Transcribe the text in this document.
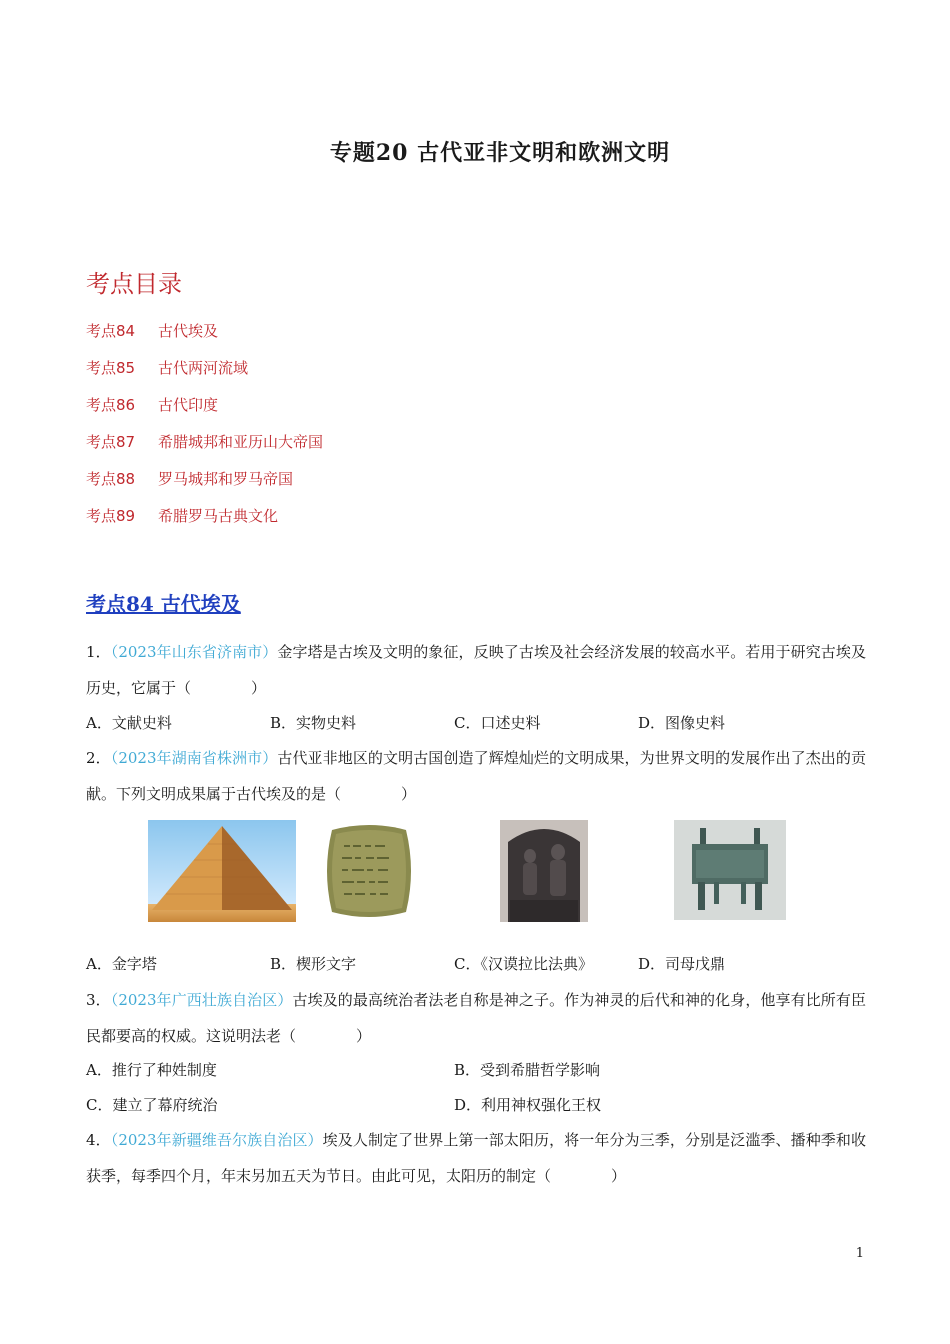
专题20 古代亚非文明和欧洲文明
考点目录
考点84 古代埃及
考点85 古代两河流域
考点86 古代印度
考点87 希腊城邦和亚历山大帝国
考点88 罗马城邦和罗马帝国
考点89 希腊罗马古典文化
考点84 古代埃及
1．（2023年山东省济南市）金字塔是古埃及文明的象征，反映了古埃及社会经济发展的较高水平。若用于研究古埃及历史，它属于（　　　　）
A．文献史料	B．实物史料	C．口述史料	D．图像史料
2．（2023年湖南省株洲市）古代亚非地区的文明古国创造了辉煌灿烂的文明成果，为世界文明的发展作出了杰出的贡献。下列文明成果属于古代埃及的是（　　　　）
A．金字塔	B．楔形文字	C．《汉谟拉比法典》	D．司母戊鼎
3．（2023年广西壮族自治区）古埃及的最高统治者法老自称是神之子。作为神灵的后代和神的化身，他享有比所有臣民都要高的权威。这说明法老（　　　　）
A．推行了种姓制度	B．受到希腊哲学影响
C．建立了幕府统治	D．利用神权强化王权
4．（2023年新疆维吾尔族自治区）埃及人制定了世界上第一部太阳历，将一年分为三季，分别是泛滥季、播种季和收获季，每季四个月，年末另加五天为节日。由此可见，太阳历的制定（　　　　）
1
